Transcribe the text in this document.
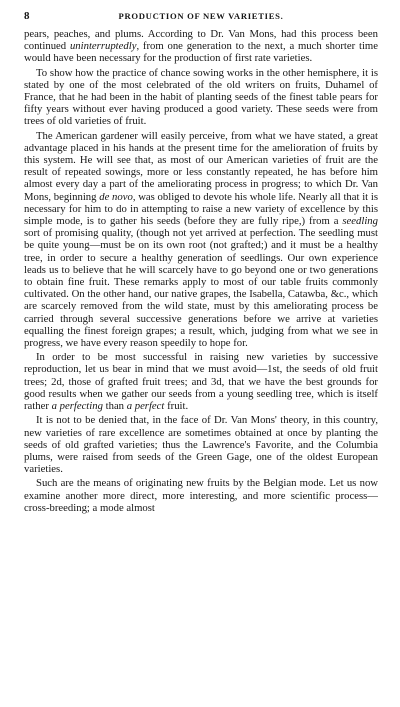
8	PRODUCTION OF NEW VARIETIES.

pears, peaches, and plums. According to Dr. Van Mons, had this process been continued uninterruptedly, from one generation to the next, a much shorter time would have been necessary for the production of first rate varieties.

To show how the practice of chance sowing works in the other hemisphere, it is stated by one of the most celebrated of the old writers on fruits, Duhamel of France, that he had been in the habit of planting seeds of the finest table pears for fifty years without ever having produced a good variety. These seeds were from trees of old varieties of fruit.

The American gardener will easily perceive, from what we have stated, a great advantage placed in his hands at the present time for the amelioration of fruits by this system. He will see that, as most of our American varieties of fruit are the result of repeated sowings, more or less constantly repeated, he has before him almost every day a part of the ameliorating process in progress; to which Dr. Van Mons, beginning de novo, was obliged to devote his whole life. Nearly all that it is necessary for him to do in attempting to raise a new variety of excellence by this simple mode, is to gather his seeds (before they are fully ripe,) from a seedling sort of promising quality, (though not yet arrived at perfection. The seedling must be quite young—must be on its own root (not grafted;) and it must be a healthy tree, in order to secure a healthy generation of seedlings. Our own experience leads us to believe that he will scarcely have to go beyond one or two generations to obtain fine fruit. These remarks apply to most of our table fruits commonly cultivated. On the other hand, our native grapes, the Isabella, Catawba, &c., which are scarcely removed from the wild state, must by this ameliorating process be carried through several successive generations before we arrive at varieties equalling the finest foreign grapes; a result, which, judging from what we see in progress, we have every reason speedily to hope for.

In order to be most successful in raising new varieties by successive reproduction, let us bear in mind that we must avoid—1st, the seeds of old fruit trees; 2d, those of grafted fruit trees; and 3d, that we have the best grounds for good results when we gather our seeds from a young seedling tree, which is itself rather a perfecting than a perfect fruit.

It is not to be denied that, in the face of Dr. Van Mons' theory, in this country, new varieties of rare excellence are sometimes obtained at once by planting the seeds of old grafted varieties; thus the Lawrence's Favorite, and the Columbia plums, were raised from seeds of the Green Gage, one of the oldest European varieties.

Such are the means of originating new fruits by the Belgian mode. Let us now examine another more direct, more interesting, and more scientific process—cross-breeding; a mode almost
